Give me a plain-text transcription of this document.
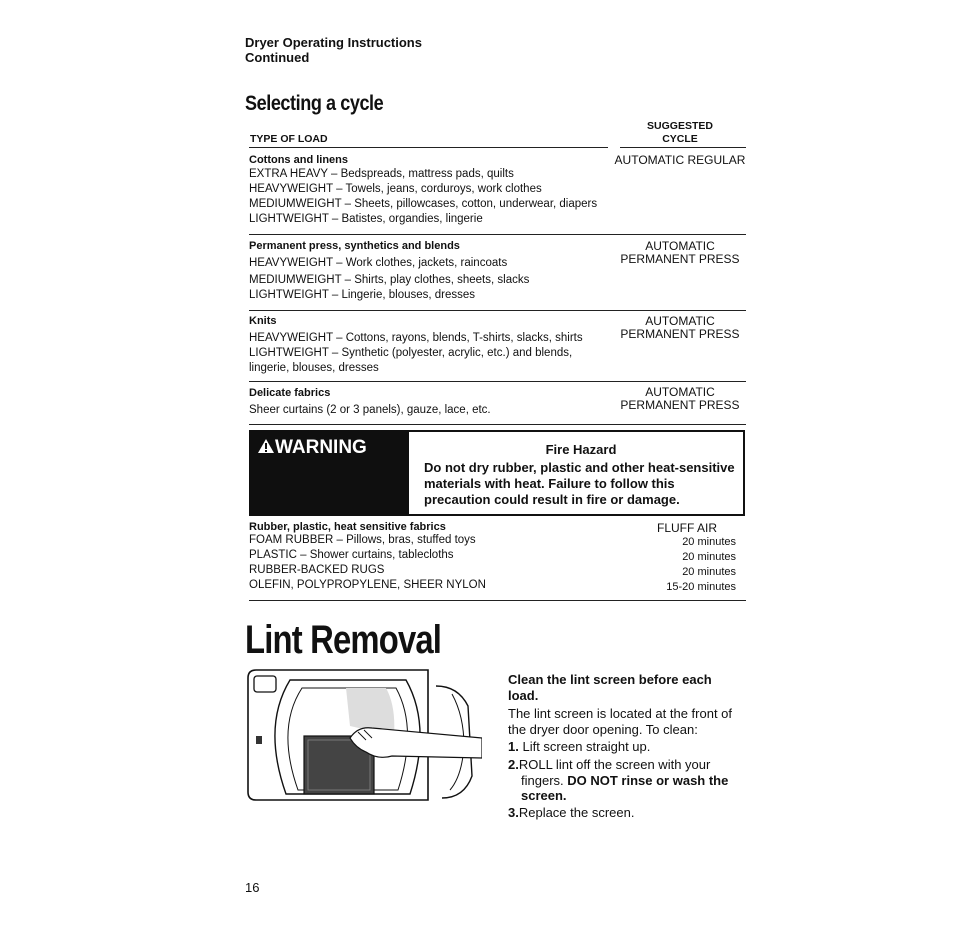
Dryer Operating Instructions
Continued
Selecting a cycle
TYPE OF LOAD
SUGGESTED
CYCLE
Cottons and linens
EXTRA HEAVY – Bedspreads, mattress pads, quilts
HEAVYWEIGHT – Towels, jeans, corduroys, work clothes
MEDIUMWEIGHT – Sheets, pillowcases, cotton, underwear, diapers
LIGHTWEIGHT – Batistes, organdies, lingerie
AUTOMATIC REGULAR
Permanent press, synthetics and blends
HEAVYWEIGHT – Work clothes, jackets, raincoats
MEDIUMWEIGHT – Shirts, play clothes, sheets, slacks
LIGHTWEIGHT – Lingerie, blouses, dresses
AUTOMATIC
PERMANENT PRESS
Knits
HEAVYWEIGHT – Cottons, rayons, blends, T-shirts, slacks, shirts
LIGHTWEIGHT – Synthetic (polyester, acrylic, etc.) and blends,
lingerie, blouses, dresses
AUTOMATIC
PERMANENT PRESS
Delicate fabrics
Sheer curtains (2 or 3 panels), gauze, lace, etc.
AUTOMATIC
PERMANENT PRESS
WARNING	Fire Hazard
Do not dry rubber, plastic and other heat-sensitive materials with heat. Failure to follow this precaution could result in fire or damage.
Rubber, plastic, heat sensitive fabrics
FOAM RUBBER – Pillows, bras, stuffed toys
PLASTIC – Shower curtains, tablecloths
RUBBER-BACKED RUGS
OLEFIN, POLYPROPYLENE, SHEER NYLON
FLUFF AIR
20 minutes
20 minutes
20 minutes
15-20 minutes
Lint Removal
Clean the lint screen before each load.
The lint screen is located at the front of the dryer door opening. To clean:
1. Lift screen straight up.
2.ROLL lint off the screen with your fingers. DO NOT rinse or wash the screen.
3.Replace the screen.
16
